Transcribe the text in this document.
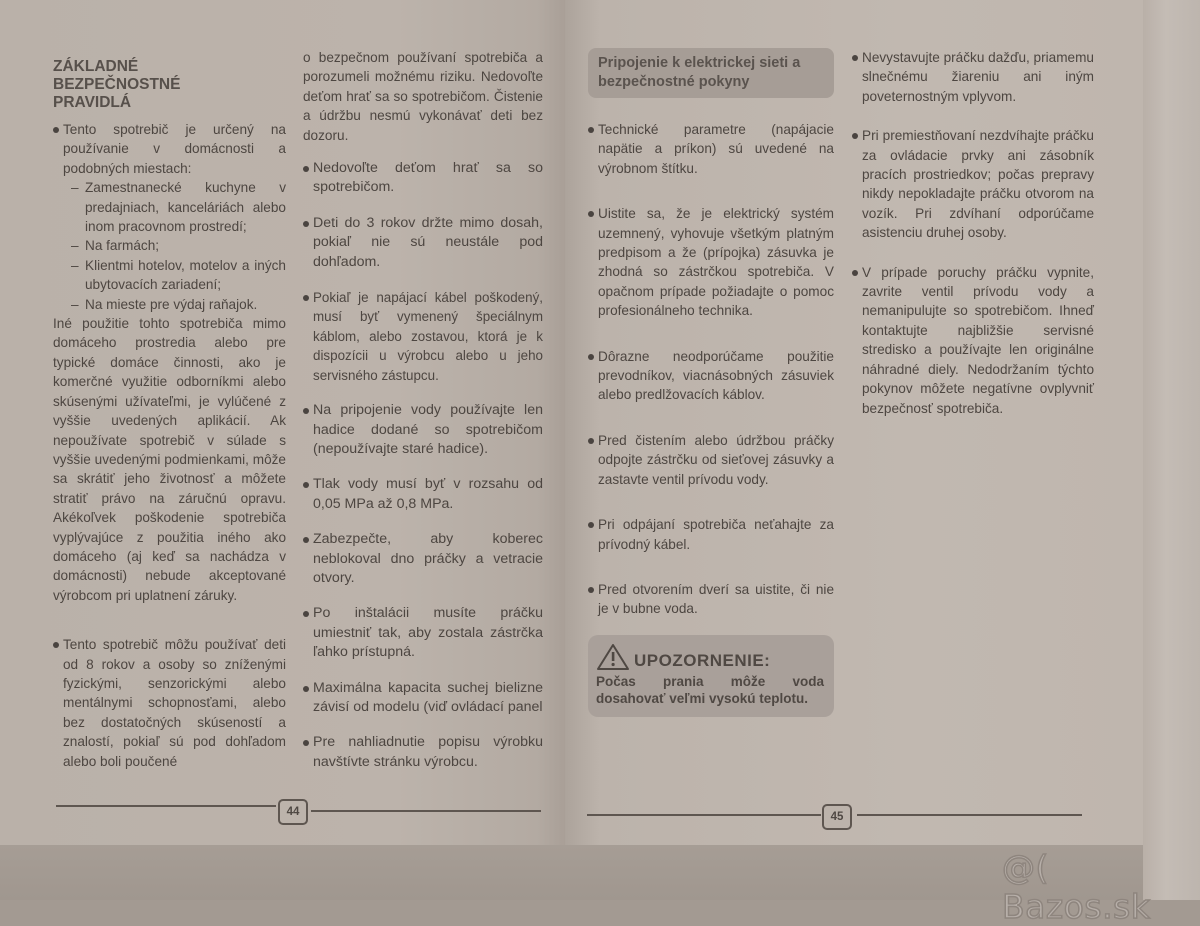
ZÁKLADNÉ
BEZPEČNOSTNÉ
PRAVIDLÁ

Tento spotrebič je určený na používanie v domácnosti a podobných miestach:

– Zamestnanecké kuchyne v predajniach, kanceláriách alebo inom pracovnom prostredí;
– Na farmách;
– Klientmi hotelov, motelov a iných ubytovacích zariadení;
– Na mieste pre výdaj raňajok.

Iné použitie tohto spotrebiča mimo domáceho prostredia alebo pre typické domáce činnosti, ako je komerčné využitie odborníkmi alebo skúsenými užívateľmi, je vylúčené z vyššie uvedených aplikácií. Ak nepoužívate spotrebič v súlade s vyššie uvedenými podmienkami, môže sa skrátiť jeho životnosť a môžete stratiť právo na záručnú opravu. Akékoľvek poškodenie spotrebiča vyplývajúce z použitia iného ako domáceho (aj keď sa nachádza v domácnosti) nebude akceptované výrobcom pri uplatnení záruky.

Tento spotrebič môžu používať deti od 8 rokov a osoby so zníženými fyzickými, senzorickými alebo mentálnymi schopnosťami, alebo bez dostatočných skúseností a znalostí, pokiaľ sú pod dohľadom alebo boli poučené

o bezpečnom používaní spotrebiča a porozumeli možnému riziku. Nedovoľte deťom hrať sa so spotrebičom. Čistenie a údržbu nesmú vykonávať deti bez dozoru.

Nedovoľte deťom hrať sa so spotrebičom.

Deti do 3 rokov držte mimo dosah, pokiaľ nie sú neustále pod dohľadom.

Pokiaľ je napájací kábel poškodený, musí byť vymenený špeciálnym káblom, alebo zostavou, ktorá je k dispozícii u výrobcu alebo u jeho servisného zástupcu.

Na pripojenie vody používajte len hadice dodané so spotrebičom (nepoužívajte staré hadice).

Tlak vody musí byť v rozsahu od 0,05 MPa až 0,8 MPa.

Zabezpečte, aby koberec neblokoval dno práčky a vetracie otvory.

Po inštalácii musíte práčku umiestniť tak, aby zostala zástrčka ľahko prístupná.

Maximálna kapacita suchej bielizne závisí od modelu (viď ovládací panel

Pre nahliadnutie popisu výrobku navštívte stránku výrobcu.

44
Pripojenie k elektrickej sieti a bezpečnostné pokyny

Technické parametre (napájacie napätie a príkon) sú uvedené na výrobnom štítku.

Uistite sa, že je elektrický systém uzemnený, vyhovuje všetkým platným predpisom a že (prípojka) zásuvka je zhodná so zástrčkou spotrebiča. V opačnom prípade požiadajte o pomoc profesionálneho technika.

Dôrazne neodporúčame použitie prevodníkov, viacnásobných zásuviek alebo predlžovacích káblov.

Pred čistením alebo údržbou práčky odpojte zástrčku od sieťovej zásuvky a zastavte ventil prívodu vody.

Pri odpájaní spotrebiča neťahajte za prívodný kábel.

Pred otvorením dverí sa uistite, či nie je v bubne voda.

UPOZORNENIE:
Počas prania môže voda dosahovať veľmi vysokú teplotu.

Nevystavujte práčku dažďu, priamemu slnečnému žiareniu ani iným poveternostným vplyvom.

Pri premiestňovaní nezdvíhajte práčku za ovládacie prvky ani zásobník pracích prostriedkov; počas prepravy nikdy nepokladajte práčku otvorom na vozík. Pri zdvíhaní odporúčame asistenciu druhej osoby.

V prípade poruchy práčku vypnite, zavrite ventil prívodu vody a nemanipulujte so spotrebičom. Ihneď kontaktujte najbližšie servisné stredisko a používajte len originálne náhradné diely. Nedodržaním týchto pokynov môžete negatívne ovplyvniť bezpečnosť spotrebiča.

45
@( Bazos.sk
